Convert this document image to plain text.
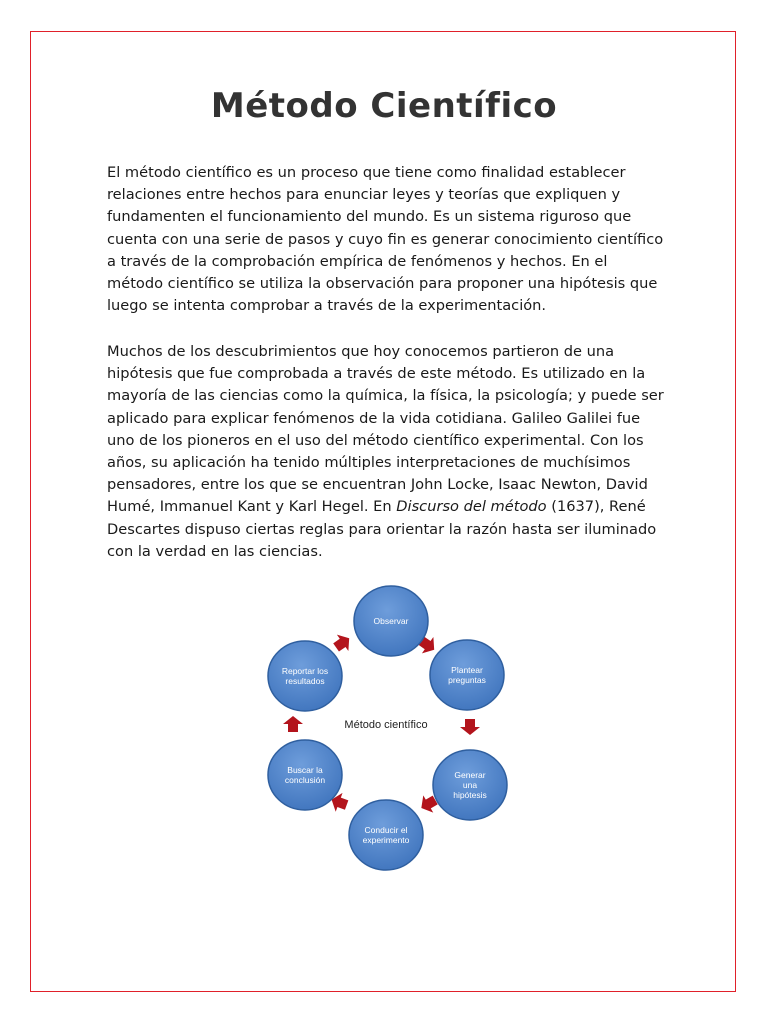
Método Científico

El método científico es un proceso que tiene como finalidad establecer relaciones entre hechos para enunciar leyes y teorías que expliquen y fundamenten el funcionamiento del mundo. Es un sistema riguroso que cuenta con una serie de pasos y cuyo fin es generar conocimiento científico a través de la comprobación empírica de fenómenos y hechos. En el método científico se utiliza la observación para proponer una hipótesis que luego se intenta comprobar a través de la experimentación.

Muchos de los descubrimientos que hoy conocemos partieron de una hipótesis que fue comprobada a través de este método. Es utilizado en la mayoría de las ciencias como la química, la física, la psicología; y puede ser aplicado para explicar fenómenos de la vida cotidiana. Galileo Galilei fue uno de los pioneros en el uso del método científico experimental. Con los años, su aplicación ha tenido múltiples interpretaciones de muchísimos pensadores, entre los que se encuentran John Locke, Isaac Newton, David Humé, Immanuel Kant y Karl Hegel. En Discurso del método (1637), René Descartes dispuso ciertas reglas para orientar la razón hasta ser iluminado con la verdad en las ciencias.

Observar
Plantear
preguntas
Generar
una
hipótesis
Conducir el
experimento
Buscar la
conclusión
Reportar los
resultados
Método científico
